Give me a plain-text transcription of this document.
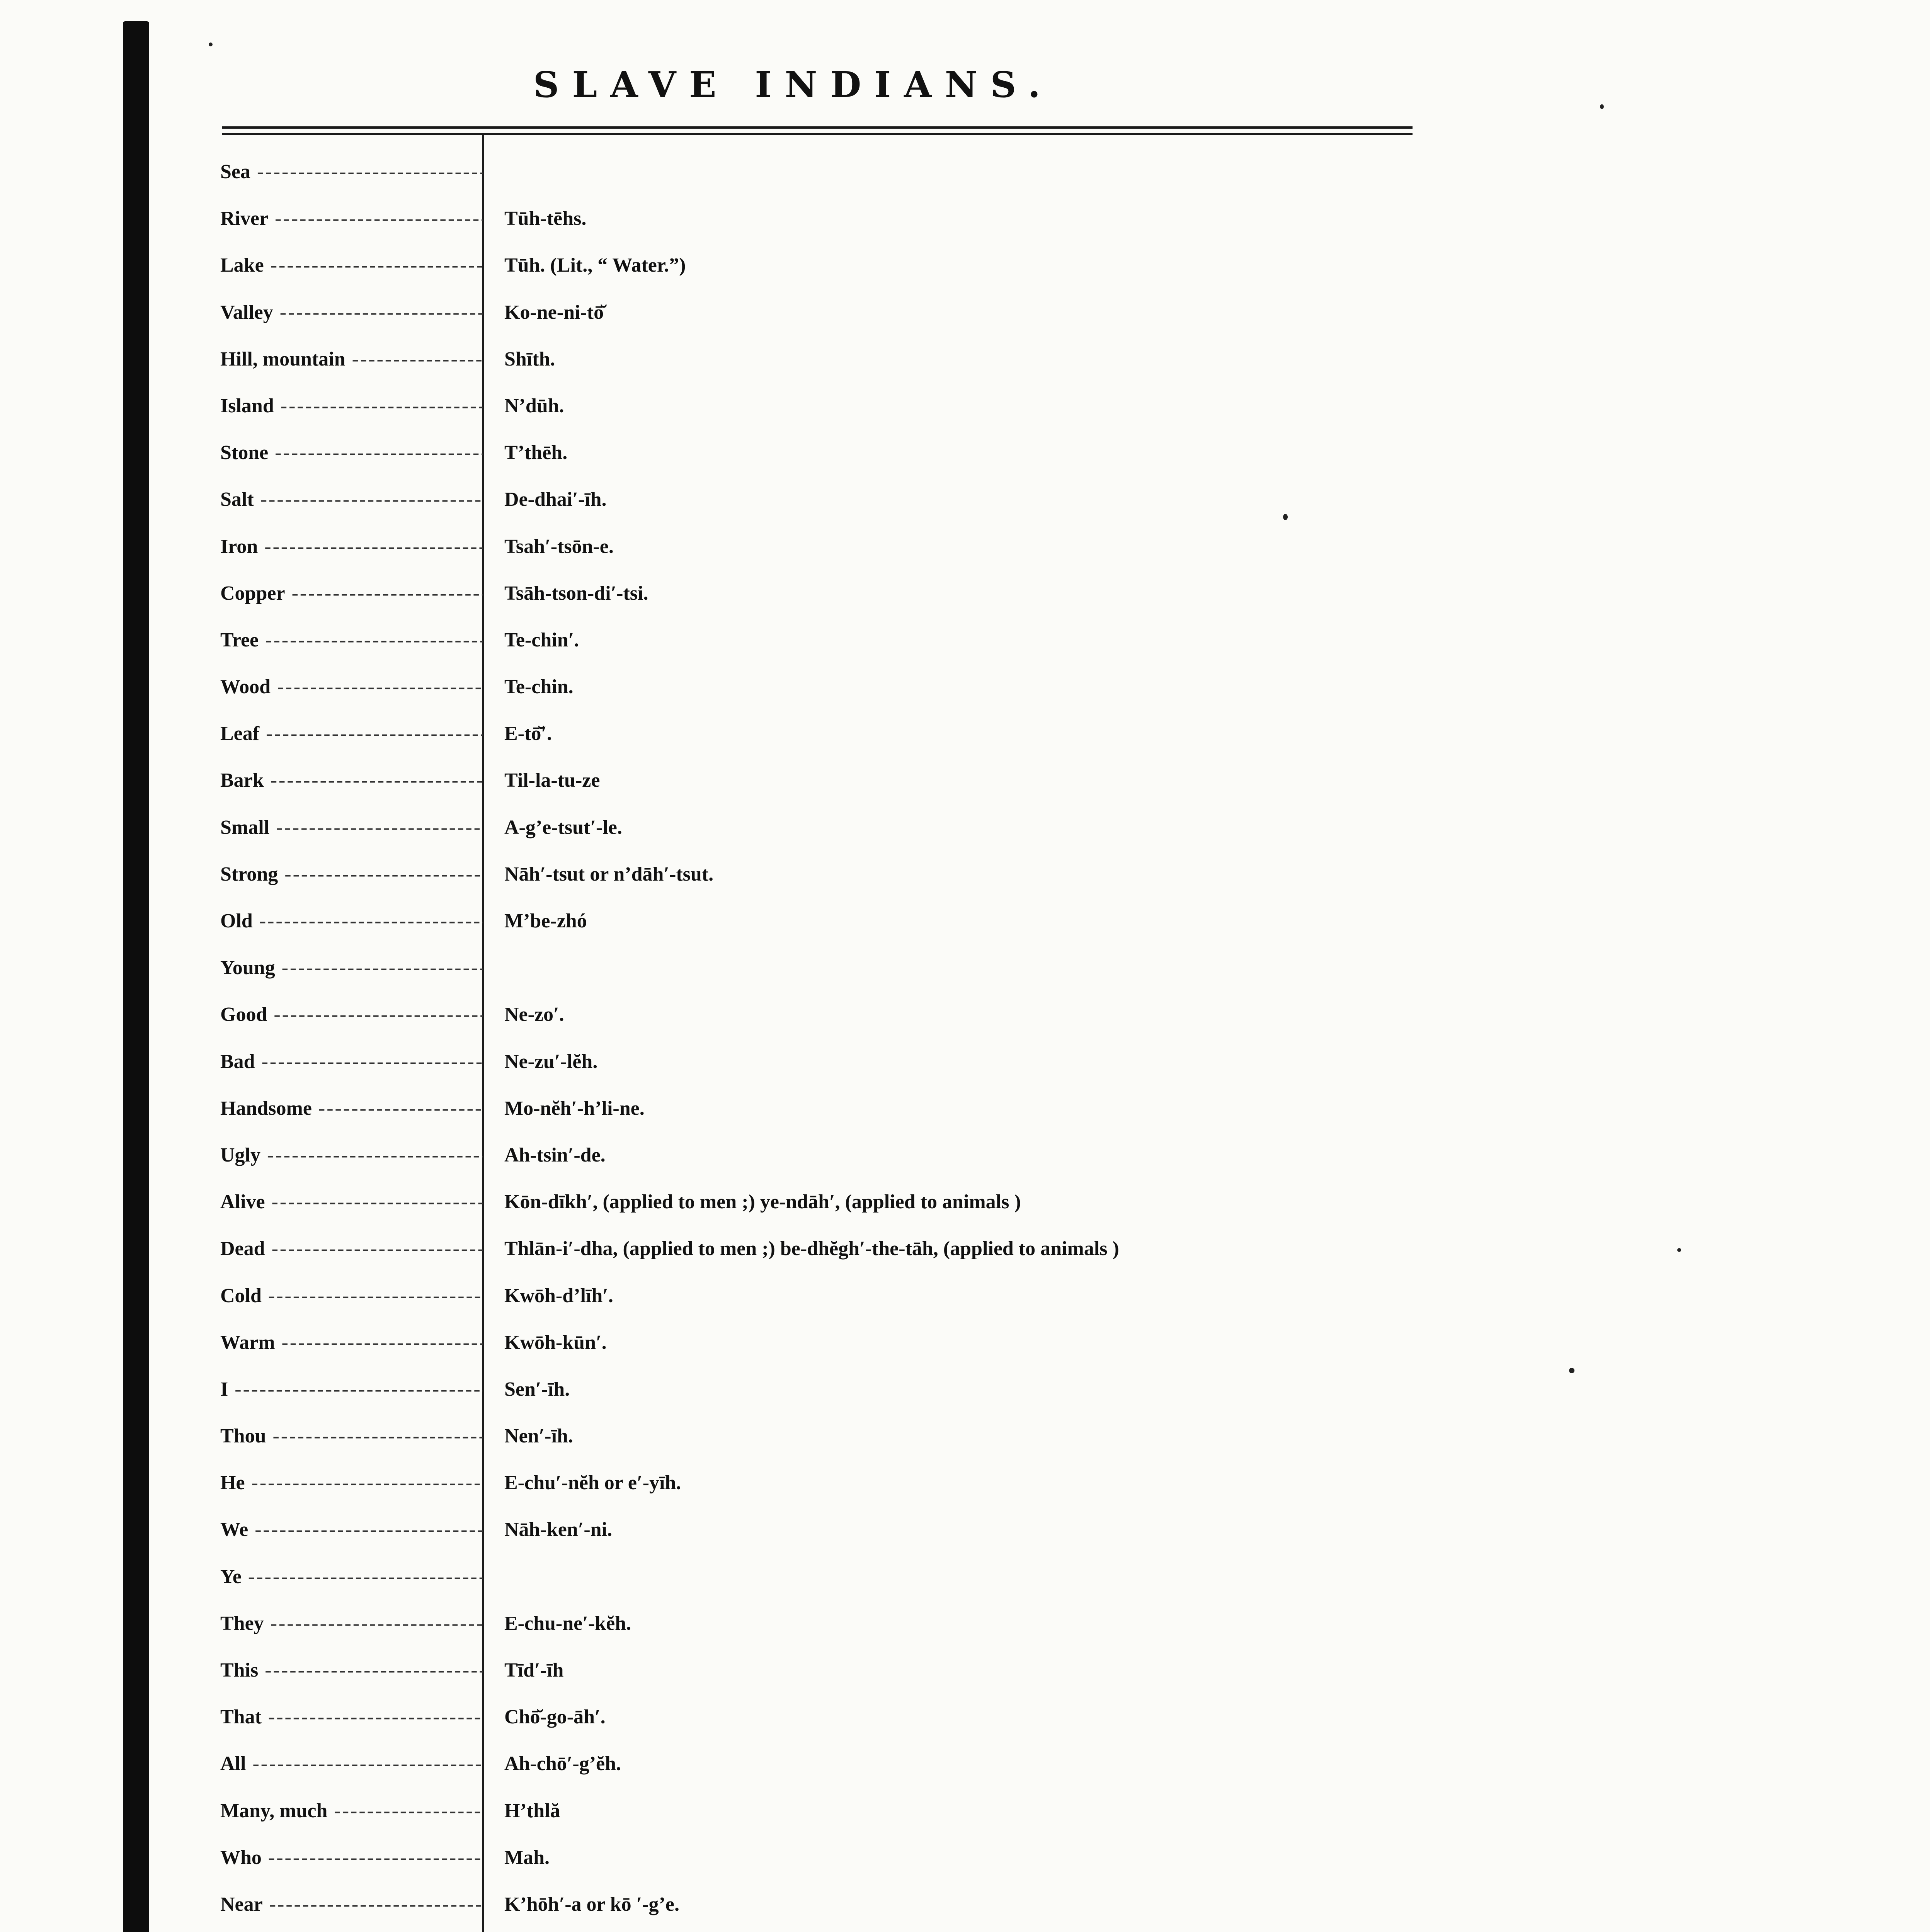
SLAVE INDIANS.
Sea -----
River -----	Tūh-tēhs.
Lake -----	Tūh. (Lit., “ Water.”)
Valley -----	Ko-ne-ni-tō̆
Hill, mountain -----	Shīth.
Island -----	N’dūh.
Stone -----	T’thēh.
Salt -----	De-dhai′-īh.
Iron -----	Tsah′-tsōn-e.
Copper -----	Tsāh-tson-di′-tsi.
Tree -----	Te-chin′.
Wood -----	Te-chin.
Leaf -----	E-tō̆′.
Bark -----	Til-la-tu-ze
Small -----	A-g’e-tsut′-le.
Strong -----	Nāh′-tsut or n’dāh′-tsut.
Old -----	M’be-zhó
Young -----
Good -----	Ne-zo′.
Bad -----	Ne-zu′-lĕh.
Handsome -----	Mo-nĕh′-h’li-ne.
Ugly -----	Ah-tsin′-de.
Alive -----	Kōn-dīkh′, (applied to men ;) ye-ndāh′, (applied to animals )
Dead -----	Thlān-i′-dha, (applied to men ;) be-dhĕgh′-the-tāh, (applied to animals )
Cold -----	Kwōh-d’līh′.
Warm -----	Kwōh-kūn′.
I -----	Sen′-īh.
Thou -----	Nen′-īh.
He -----	E-chu′-nĕh or e′-yīh.
We -----	Nāh-ken′-ni.
Ye -----
They -----	E-chu-ne′-kĕh.
This -----	Tīd′-īh
That -----	Chō̆-go-āh′.
All -----	Ah-chō′-g’ĕh.
Many, much -----	H’thlă
Who -----	Mah.
Near -----	K’hōh′-a or kō ′-g’e.
